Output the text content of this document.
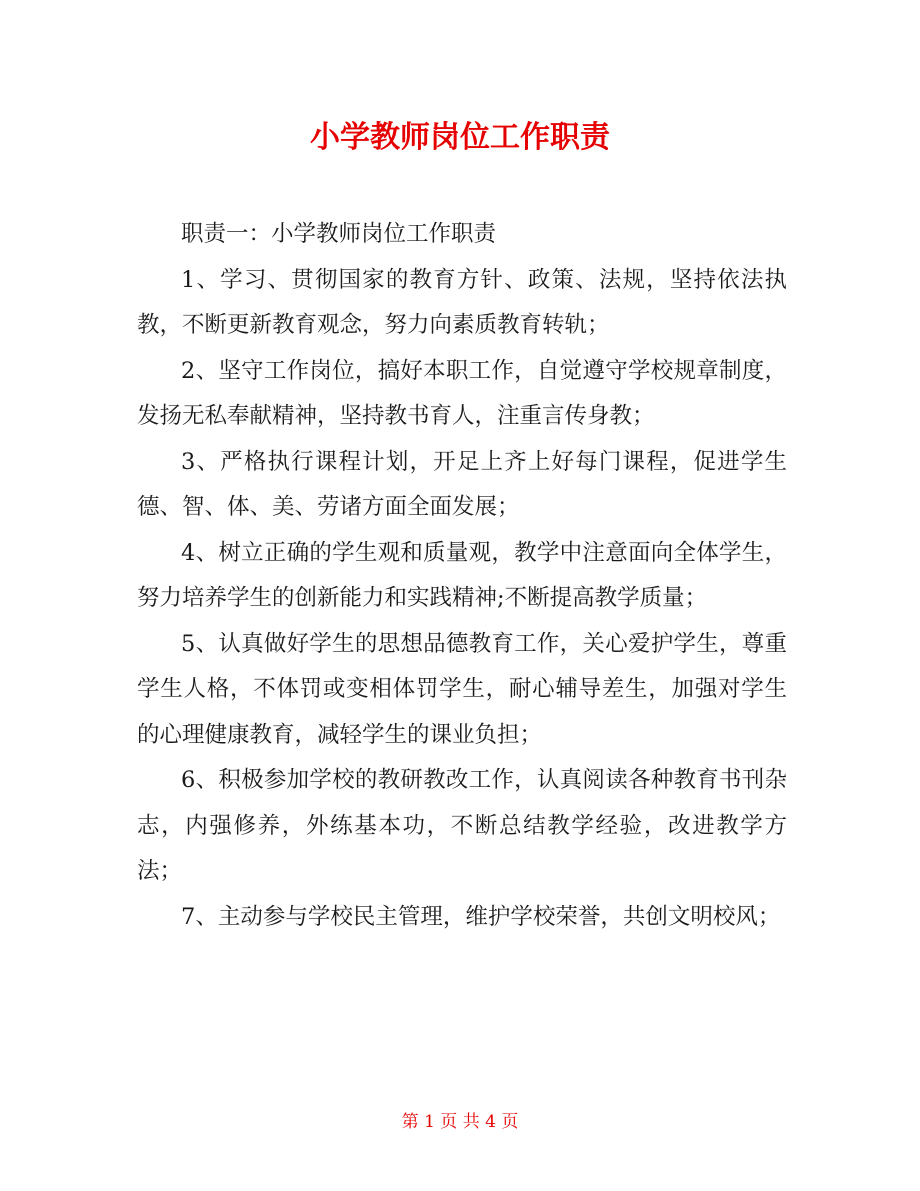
小学教师岗位工作职责

职责一：小学教师岗位工作职责

1、学习、贯彻国家的教育方针、政策、法规，坚持依法执教，不断更新教育观念，努力向素质教育转轨；

2、坚守工作岗位，搞好本职工作，自觉遵守学校规章制度，发扬无私奉献精神，坚持教书育人，注重言传身教；

3、严格执行课程计划，开足上齐上好每门课程，促进学生德、智、体、美、劳诸方面全面发展；

4、树立正确的学生观和质量观，教学中注意面向全体学生，努力培养学生的创新能力和实践精神;不断提高教学质量；

5、认真做好学生的思想品德教育工作，关心爱护学生，尊重学生人格，不体罚或变相体罚学生，耐心辅导差生，加强对学生的心理健康教育，减轻学生的课业负担；

6、积极参加学校的教研教改工作，认真阅读各种教育书刊杂志，内强修养，外练基本功，不断总结教学经验，改进教学方法；

7、主动参与学校民主管理，维护学校荣誉，共创文明校风；

第 1 页 共 4 页
